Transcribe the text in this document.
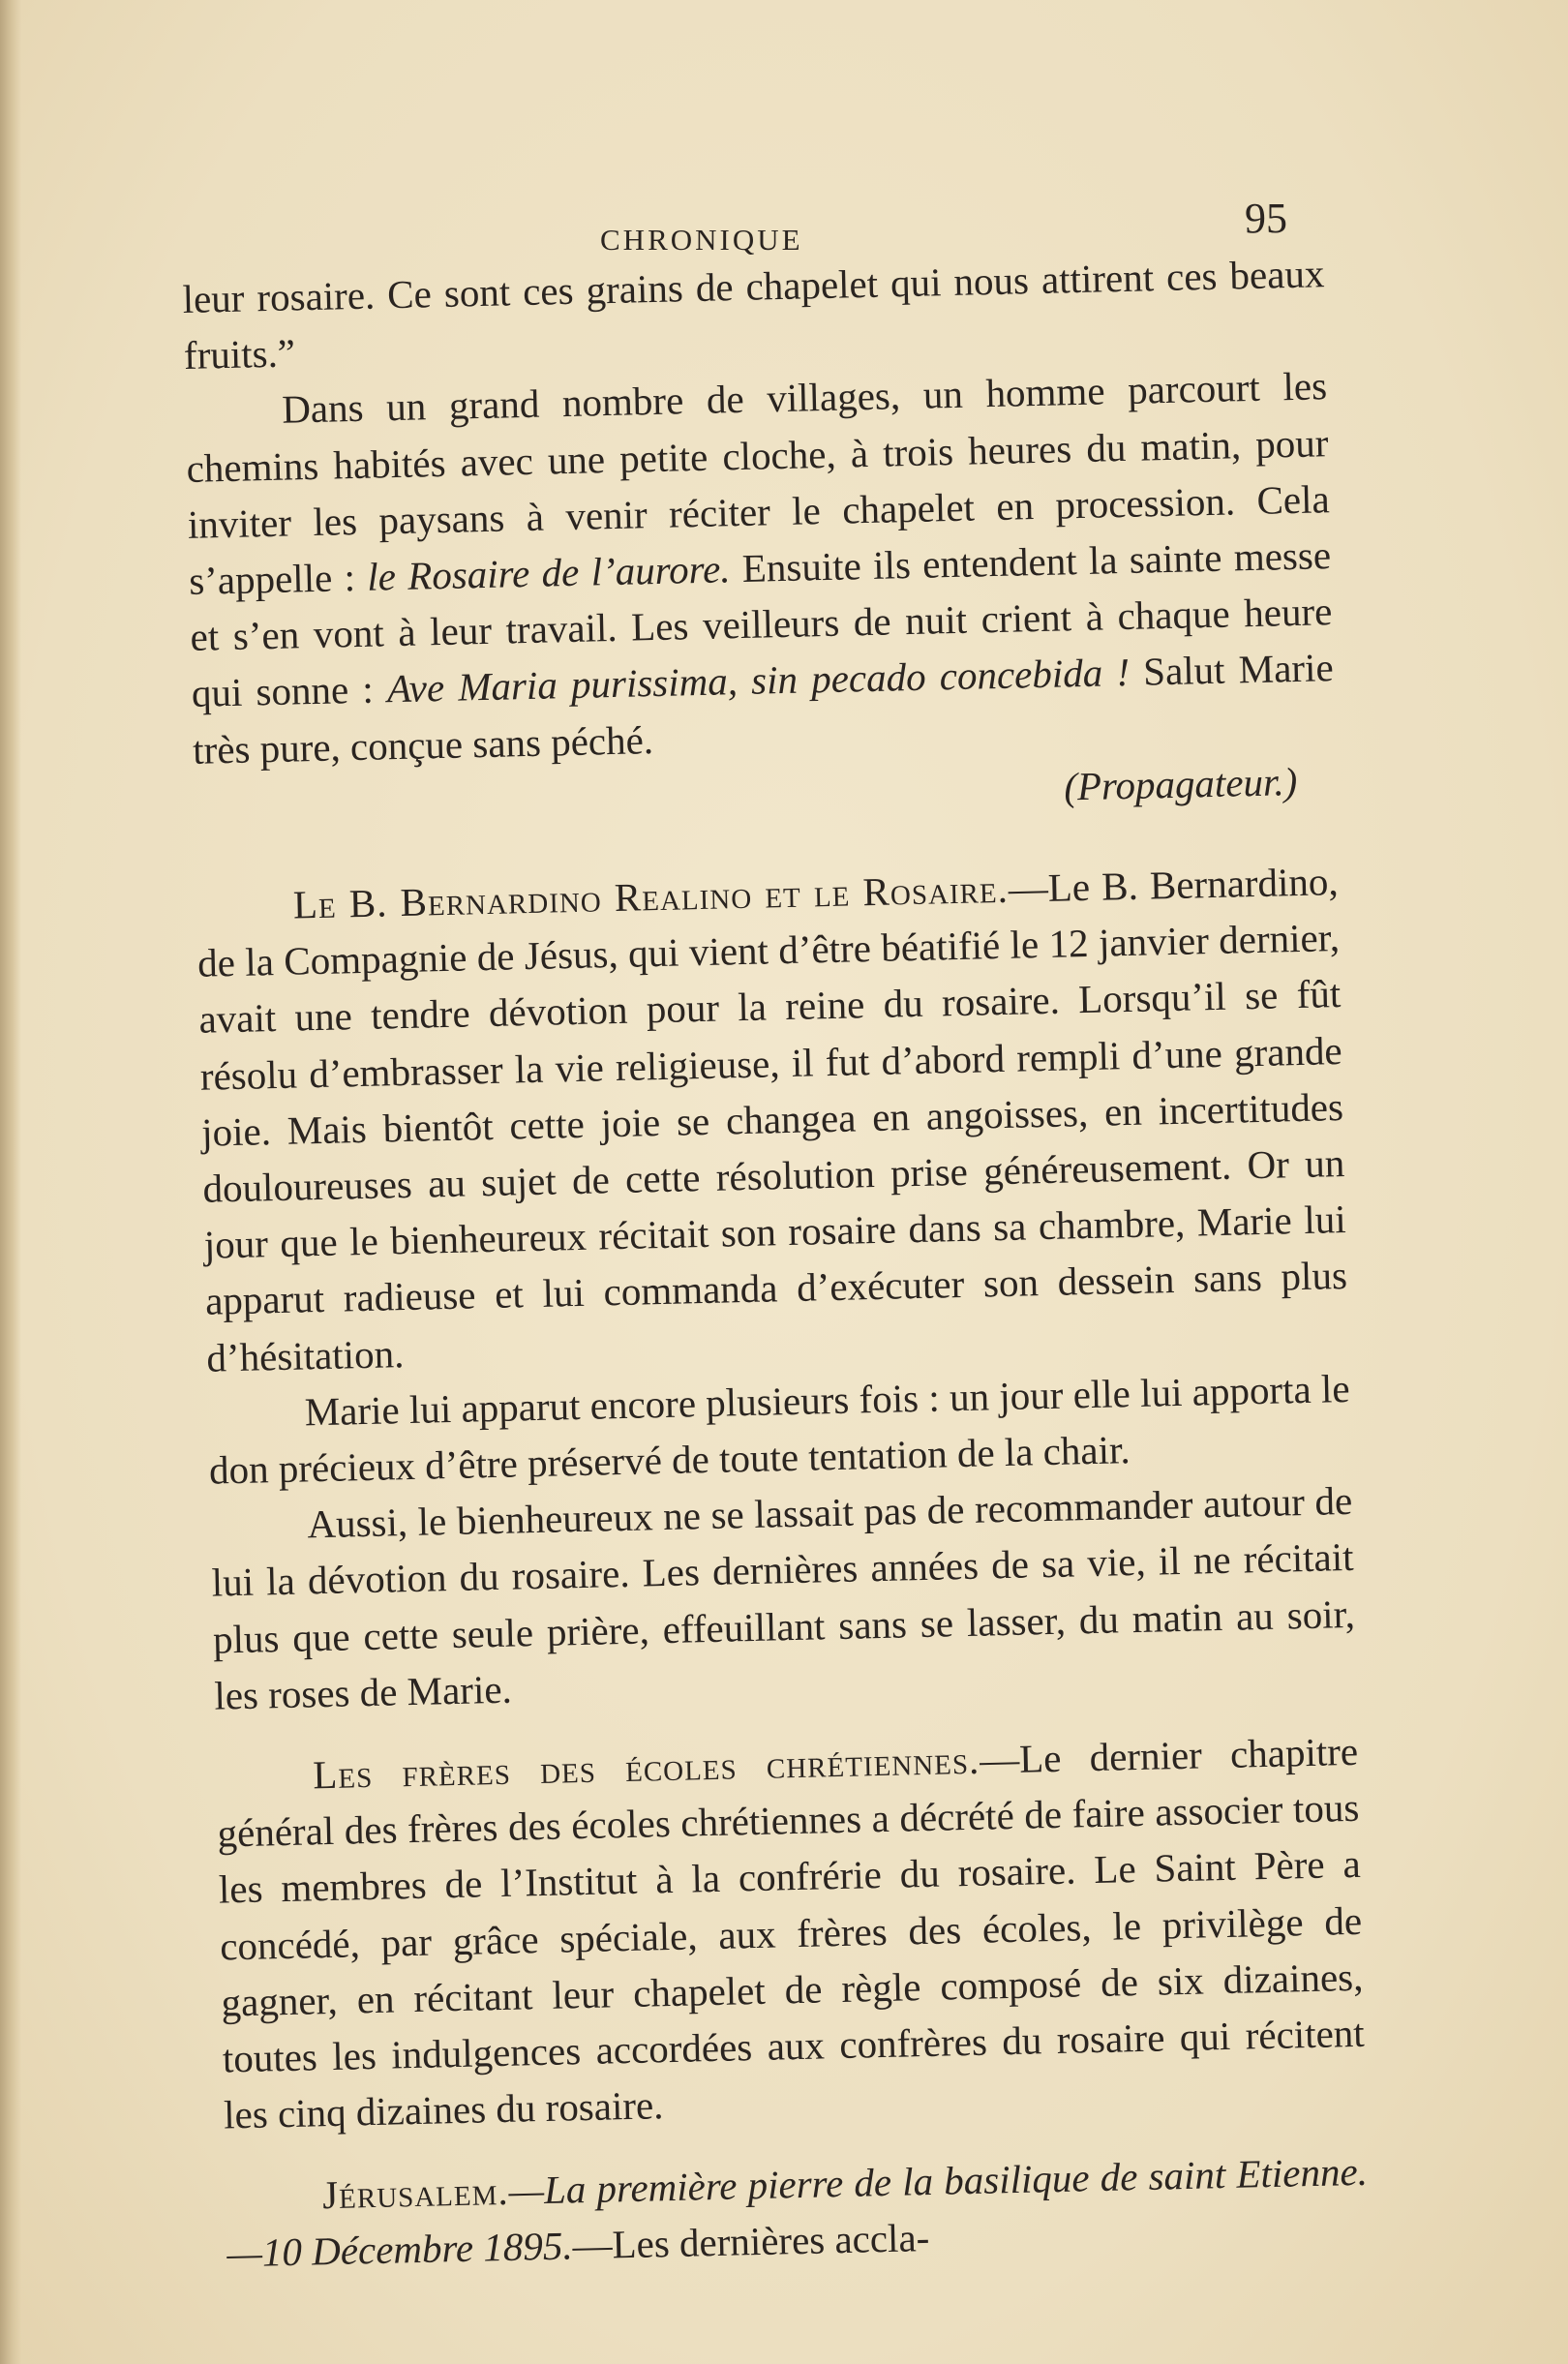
CHRONIQUE	95

leur rosaire. Ce sont ces grains de chapelet qui nous attirent ces beaux fruits.”

Dans un grand nombre de villages, un homme parcourt les chemins habités avec une petite cloche, à trois heures du matin, pour inviter les paysans à venir réciter le chapelet en procession. Cela s’appelle : le Rosaire de l’aurore. Ensuite ils entendent la sainte messe et s’en vont à leur travail. Les veilleurs de nuit crient à chaque heure qui sonne : Ave Maria purissima, sin pecado concebida ! Salut Marie très pure, conçue sans péché.

(Propagateur.)

Le B. Bernardino Realino et le Rosaire.—Le B. Bernardino, de la Compagnie de Jésus, qui vient d’être béatifié le 12 janvier dernier, avait une tendre dévotion pour la reine du rosaire. Lorsqu’il se fût résolu d’embrasser la vie religieuse, il fut d’abord rempli d’une grande joie. Mais bientôt cette joie se changea en angoisses, en incertitudes douloureuses au sujet de cette résolution prise généreusement. Or un jour que le bienheureux récitait son rosaire dans sa chambre, Marie lui apparut radieuse et lui commanda d’exécuter son dessein sans plus d’hésitation.

Marie lui apparut encore plusieurs fois : un jour elle lui apporta le don précieux d’être préservé de toute tentation de la chair.

Aussi, le bienheureux ne se lassait pas de recommander autour de lui la dévotion du rosaire. Les dernières années de sa vie, il ne récitait plus que cette seule prière, effeuillant sans se lasser, du matin au soir, les roses de Marie.

Les frères des écoles chrétiennes.—Le dernier chapitre général des frères des écoles chrétiennes a décrété de faire associer tous les membres de l’Institut à la confrérie du rosaire. Le Saint Père a concédé, par grâce spéciale, aux frères des écoles, le privilège de gagner, en récitant leur chapelet de règle composé de six dizaines, toutes les indulgences accordées aux confrères du rosaire qui récitent les cinq dizaines du rosaire.

Jérusalem.—La première pierre de la basilique de saint Etienne.—10 Décembre 1895.—Les dernières accla-
